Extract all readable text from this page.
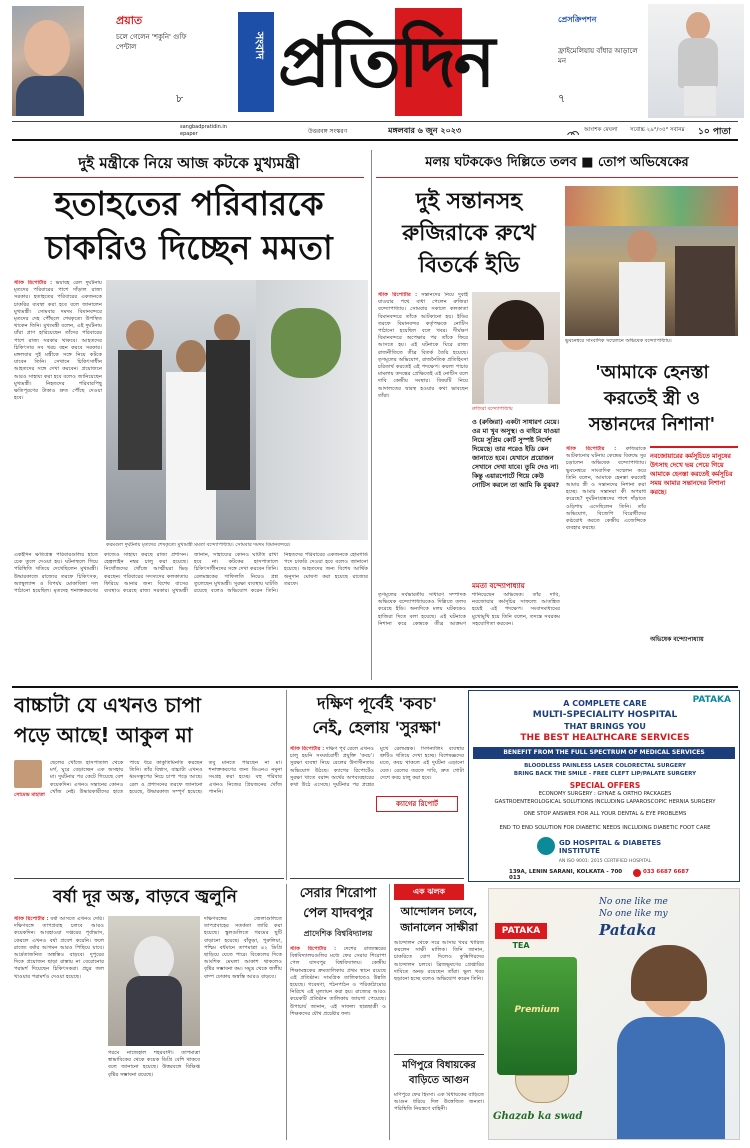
প্রয়াত
চলে গেলেন 'শকুনি' গুফি পেন্টাল
৮
সংবাদ প্রতিদিন
প্রেসক্রিপশন
ফ্রাইমেলিয়ায় বাঁধার আড়ালে মন
৭
sangbadpratidin.in epaper	উত্তরবঙ্গ সংস্করণ	মঙ্গলবার ৬ জুন ২০২৩	আংশিক মেঘলা	সর্বোচ্চ ২৯°/৩৫° সর্বনিম্ন	১০ পাতা
দুই মন্ত্রীকে নিয়ে আজ কটকে মুখ্যমন্ত্রী
হতাহতের পরিবারকে
চাকরিও দিচ্ছেন মমতা
স্টাফ রিপোর্টার : ভয়াবহ রেল দুর্ঘটনায় মৃতদের পরিবারের পাশে দাঁড়াল রাজ্য সরকার। হতাহতের পরিবারের একজনকে চাকরির ব্যবস্থা করা হবে বলে জানালেন মুখ্যমন্ত্রী। সোমবার দমদম বিমানবন্দরে মৃতদের দেহ পৌঁছলে শেষকৃত্যে উপস্থিত থাকেন তিনি। মুখ্যমন্ত্রী বলেন, এই দুর্ঘটনায় যাঁরা প্রাণ হারিয়েছেন তাঁদের পরিবারের পাশে রাজ্য সরকার থাকবে। আহতদের চিকিৎসার সব খরচ বহন করবে সরকার। মঙ্গলবার দুই মন্ত্রীকে সঙ্গে নিয়ে কটকে যাবেন তিনি। সেখানে চিকিৎসাধীন আহতদের সঙ্গে দেখা করবেন। প্রয়োজনে আরও সাহায্য করা হবে বলেও জানিয়েছেন মুখ্যমন্ত্রী। নিহতদের পরিবারপিছু ক্ষতিপূরণের টাকাও দ্রুত পৌঁছে দেওয়া হবে।
করমণ্ডল দুর্ঘটনায় মৃতদের শেষকৃত্যে মুখ্যমন্ত্রী মমতা বন্দ্যোপাধ্যায়। সোমবার দমদম বিমানবন্দরে।
একইদিন ক্ষতিগ্রস্ত পরিবারগুলির হাতে চেক তুলে দেওয়া হয়। ঘটনাস্থলে গিয়ে পরিস্থিতি খতিয়ে দেখেছিলেন মুখ্যমন্ত্রী। উদ্ধারকাজে রাজ্যের তরফে চিকিৎসক, অ্যাম্বুল্যান্স ও বিপর্যয় মোকাবিলা দল পাঠানো হয়েছিল। মৃতদেহ শনাক্তকরণের কাজেও সাহায্য করছে রাজ্য প্রশাসন। হেল্পলাইন নম্বর চালু করা হয়েছে। নিখোঁজদের খোঁজে আত্মীয়রা ভিড় করছেন। পরিবারের সদস্যদের কলকাতায় ফিরিয়ে আনার জন্য বিশেষ বাসের ব্যবস্থাও করেছে রাজ্য সরকার। মুখ্যমন্ত্রী জানান, সাহায্যের কোনও ঘাটতি রাখা হবে না। কটকের হাসপাতালে চিকিৎসাধীনদের সঙ্গে দেখা করবেন তিনি। রেলমন্ত্রকের গাফিলতি নিয়েও প্রশ্ন তুলেছেন মুখ্যমন্ত্রী। সুরক্ষা ব্যবস্থায় ঘাটতি রয়েছে বলেও অভিযোগ করেন তিনি। নিহতদের পরিবারের একজনকে হোমগার্ড পদে চাকরি দেওয়া হবে বলেও জানানো হয়েছে। আহতদের জন্য বিশেষ আর্থিক অনুদান ঘোষণা করা হয়েছে রাজ্যের তরফে।
মলয় ঘটককেও দিল্লিতে তলব ■ তোপ অভিষেকের
দুই সন্তানসহ
রুজিরাকে রুখে
বিতর্কে ইডি
স্টাফ রিপোর্টার : সন্তানদের নিয়ে দুবাই যাওয়ার পথে বাধা পেলেন রুজিরা বন্দ্যোপাধ্যায়। সোমবার সকালে কলকাতা বিমানবন্দরে তাঁকে আটকানো হয়। ইডির তরফে বিমানবন্দর কর্তৃপক্ষকে নোটিস পাঠানো হয়েছিল বলে খবর। দীর্ঘক্ষণ বিমানবন্দরে অপেক্ষার পর তাঁকে ফিরে আসতে হয়। এই ঘটনাকে ঘিরে রাজ্য রাজনীতিতে তীব্র বিতর্ক তৈরি হয়েছে। তৃণমূলের অভিযোগ, রাজনৈতিক প্রতিহিংসা চরিতার্থ করতেই এই পদক্ষেপ। কয়লা পাচার মামলায় তদন্তের প্রেক্ষিতেই এই নোটিস বলে দাবি কেন্দ্রীয় সংস্থার। বিষয়টি নিয়ে আদালতের দ্বারস্থ হওয়ার কথা ভাবছেন তাঁরা।
রুজিরা বন্দ্যোপাধ্যায়
ও (রুজিরা) একটা সাধারণ মেয়ে। ওর মা খুব অসুস্থ। ও বাইরে যাওয়া নিয়ে সুপ্রিম কোর্ট সুস্পষ্ট নির্দেশ দিয়েছে। তার পরেও ইডি কেন জানাতে হবে। যেখানে প্রয়োজন সেখানে দেখা যাবে। তুমি দেও না। কিন্তু এয়ারপোর্টে গিয়ে কেউ নোটিস করলে তা আমি কি বুঝব?
মমতা বন্দ্যোপাধ্যায়
তৃণমূলের সর্বভারতীয় সাধারণ সম্পাদক অভিষেক বন্দ্যোপাধ্যায়কেও দিল্লিতে তলব করেছে ইডি। অন্যদিকে মলয় ঘটককেও হাজিরা দিতে বলা হয়েছে। এই ঘটনাকে নিশানা করে কেন্দ্রকে তীব্র আক্রমণ শানিয়েছেন অভিষেক। তাঁর দাবি, নবজোয়ার কর্মসূচির সাফল্যে আতঙ্কিত হয়েই এই পদক্ষেপ। সংবাদমাধ্যমের মুখোমুখি হয়ে তিনি বলেন, তদন্তে সবরকম সহযোগিতা করবেন।
ভুবনেশ্বরে সাংবাদিক সম্মেলনে অভিষেক বন্দ্যোপাধ্যায়।
'আমাকে হেনস্তা
করতেই স্ত্রী ও
সন্তানদের নিশানা'
স্টাফ রিপোর্টার : রুজিরাকে আটকানোর ঘটনায় কেন্দ্রের বিরুদ্ধে সুর চড়ালেন অভিষেক বন্দ্যোপাধ্যায়। ভুবনেশ্বরে সাংবাদিক সম্মেলন করে তিনি বলেন, আমাকে হেনস্তা করতেই আমার স্ত্রী ও সন্তানদের নিশানা করা হচ্ছে। আমার সন্তানরা কী অপরাধ করেছে? দুর্ঘটনাগ্রস্তদের পাশে দাঁড়াতে ওড়িশায় এসেছিলেন তিনি। তাঁর অভিযোগ, বিজেপি বিরোধীদের কণ্ঠরোধ করতে কেন্দ্রীয় এজেন্সিকে ব্যবহার করছে।
নবজোয়ারের কর্মসূচিতে মানুষের উৎসাহ দেখে ভয় পেয়ে গিয়ে আমাকে হেনস্তা করতেই কর্মসূচির সময় আমার সন্তানদের নিশানা করছে।
অভিষেক বন্দ্যোপাধ্যায়
বাচ্চাটা যে এখনও চাপা
পড়ে আছে! আকুল মা
সোমেন্দ্র মাহাতা
ছেলের খোঁজে হাসপাতাল থেকে মর্গ, ঘুরে বেড়াচ্ছেন এক অসহায় মা। দুর্ঘটনার পর কেটে গিয়েছে বেশ কয়েকদিন। এখনও সন্তানের কোনও খোঁজ নেই। উদ্ধারকারীদের হাতে পায়ে ধরে কাকুতিমিনতি করছেন তিনি। তাঁর বিশ্বাস, বাচ্চাটা এখনও ধ্বংসস্তূপের নিচে চাপা পড়ে আছে। রেল ও প্রশাসনের তরফে জানানো হয়েছে, উদ্ধারকাজ সম্পূর্ণ হয়েছে। তবু মানতে পারছেন না মা। শনাক্তকরণের জন্য ডিএনএ নমুনা সংগ্রহ করা হচ্ছে। বহু পরিবার এখনও নিজের প্রিয়জনের খোঁজ পাননি।
দক্ষিণ পূর্বেই 'কবচ'
নেই, হেলায় 'সুরক্ষা'
স্টাফ রিপোর্টার : দক্ষিণ পূর্ব রেলে এখনও চালু হয়নি সংঘর্ষরোধী প্রযুক্তি 'কবচ'। সুরক্ষা ব্যবস্থা নিয়ে রেলের উদাসীনতার অভিযোগ উঠছে। ক্যাগের রিপোর্টেও সুরক্ষা খাতে বরাদ্দ অর্থের অপব্যবহারের কথা উঠে এসেছে। দুর্ঘটনার পর প্রশ্নের মুখে রেলমন্ত্রক। সিগন্যালিং ব্যবস্থার ত্রুটিও খতিয়ে দেখা হচ্ছে। বিশেষজ্ঞদের মতে, কবচ থাকলে এই দুর্ঘটনা এড়ানো যেত। রেলের তরফে দাবি, দ্রুত গোটা দেশে কবচ চালু করা হবে।
ক্যাগের রিপোর্ট
বর্ষা দূর অস্ত, বাড়বে জ্বলুনি
স্টাফ রিপোর্টার : বর্ষা আসতে এখনও দেরি। দক্ষিণবঙ্গে তাপপ্রবাহ চলবে আরও কয়েকদিন। আবহাওয়া দপ্তরের পূর্বাভাস, কেরলে এখনও বর্ষা প্রবেশ করেনি। ফলে রাজ্যে বর্ষার আগমন আরও পিছিয়ে যাবে। আর্দ্রতাজনিত অস্বস্তিও বাড়বে। দুপুরের দিকে প্রয়োজন ছাড়া রাস্তায় না বেরোনোর পরামর্শ দিয়েছেন চিকিৎসকরা। প্রচুর জল খাওয়ার পরামর্শও দেওয়া হয়েছে।
গরমে নাজেহাল শহরবাসী। তাপমাত্রা স্বাভাবিকের থেকে কয়েক ডিগ্রি বেশি থাকবে বলে জানানো হয়েছে। উত্তরবঙ্গে বিক্ষিপ্ত বৃষ্টির সম্ভাবনা রয়েছে।
দক্ষিণবঙ্গের জেলাগুলিতে তাপপ্রবাহের সতর্কতা জারি করা হয়েছে। স্কুলগুলিতে গরমের ছুটি বাড়ানো হয়েছে। বাঁকুড়া, পুরুলিয়া, পশ্চিম বর্ধমানে তাপমাত্রা ৪২ ডিগ্রি ছাড়িয়ে যেতে পারে। বিকেলের দিকে আংশিক মেঘলা আকাশ থাকলেও বৃষ্টির সম্ভাবনা কম। সমুদ্র থেকে জলীয় বাষ্প ঢোকায় অস্বস্তি আরও বাড়বে।
সেরার শিরোপা
পেল যাদবপুর
প্রাদেশিক বিশ্ববিদ্যালয়
স্টাফ রিপোর্টার : দেশের রাজ্যস্তরের বিশ্ববিদ্যালয়গুলির মধ্যে ফের সেরার শিরোপা পেল যাদবপুর বিশ্ববিদ্যালয়। কেন্দ্রীয় শিক্ষামন্ত্রকের ক্রমতালিকায় প্রথম স্থানে রয়েছে এই প্রতিষ্ঠান। সামগ্রিক তালিকাতেও উন্নতি হয়েছে। গবেষণা, পঠনপাঠন ও পরিকাঠামোর নিরিখে এই মূল্যায়ন করা হয়। রাজ্যের আরও কয়েকটি প্রতিষ্ঠান তালিকায় জায়গা পেয়েছে। উপাচার্য জানান, এই সাফল্য ছাত্রছাত্রী ও শিক্ষকদের যৌথ প্রচেষ্টার ফল।
এক ঝলক
আন্দোলন চলবে,
জানালেন সাক্ষীরা
আন্দোলন থেকে সরে আসার খবর খারিজ করলেন সাক্ষী মালিক। তিনি জানান, চাকরিতে যোগ দিলেও কুস্তিগিরদের আন্দোলন চলবে। ব্রিজভূষণের গ্রেপ্তারির দাবিতে অনড় রয়েছেন তাঁরা। ভুল খবর ছড়ানো হচ্ছে বলেও অভিযোগ করেন তিনি।
মণিপুরে বিধায়কের
বাড়িতে আগুন
মণিপুরে ফের হিংসা। এক বিধায়কের বাড়িতে আগুন ধরিয়ে দিল উত্তেজিত জনতা। পরিস্থিতি নিয়ন্ত্রণে বাহিনী।
PATAKA
A COMPLETE CARE
MULTI-SPECIALITY HOSPITAL
THAT BRINGS YOU
THE BEST HEALTHCARE SERVICES
BENEFIT FROM THE FULL SPECTRUM OF MEDICAL SERVICES
BLOODLESS PAINLESS LASER COLORECTAL SURGERY
BRING BACK THE SMILE - FREE CLEFT LIP/PALATE SURGERY
SPECIAL OFFERS
ECONOMY SURGERY : GYNAE & ORTHO PACKAGES
GASTROENTEROLOGICAL SOLUTIONS INCLUDING LAPAROSCOPIC HERNIA SURGERY
ONE STOP ANSWER FOR ALL YOUR DENTAL & EYE PROBLEMS
END TO END SOLUTION FOR DIABETIC NEEDS INCLUDING DIABETIC FOOT CARE
GD HOSPITAL & DIABETES INSTITUTE
AN ISO 9001: 2015 CERTIFIED HOSPITAL
139A, LENIN SARANI, KOLKATA - 700 013
033 6687 6687
PATAKA
TEA
Premium
No one like me
No one like my
Pataka
Ghazab ka swad
